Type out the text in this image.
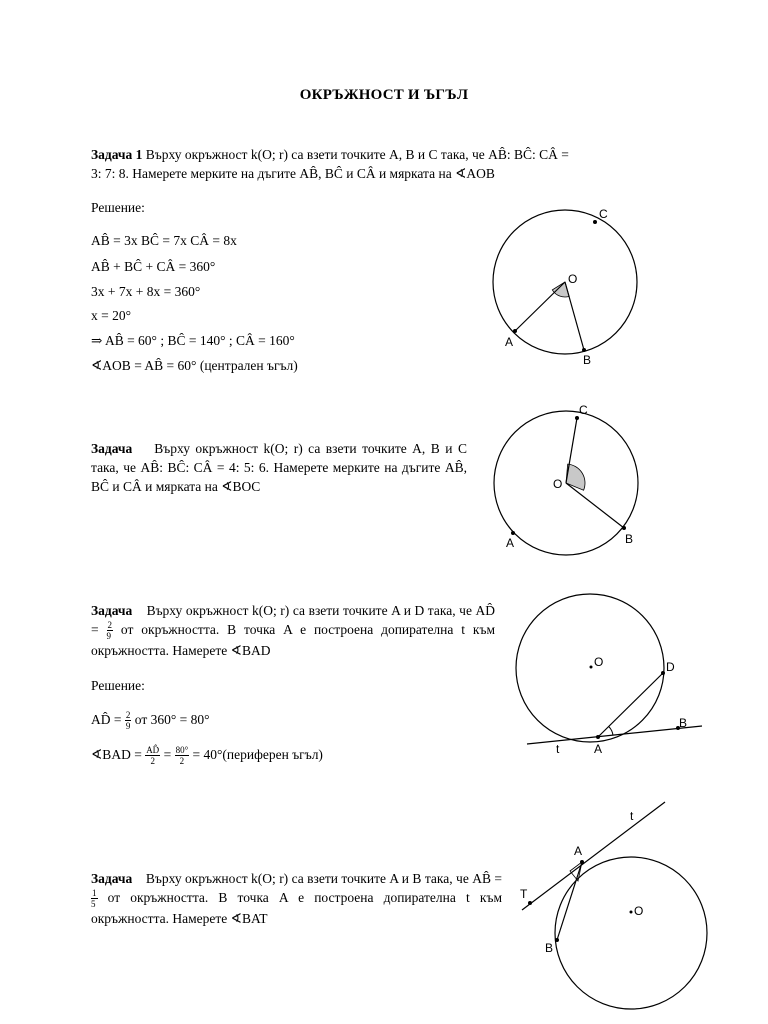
ОКРЪЖНОСТ И ЪГЪЛ
Задача 1 Върху окръжност k(O; r) са взети точките A, B и C така, че AB̂: BĈ: CÂ =
3: 7: 8. Намерете мерките на дъгите AB̂, BĈ и CÂ и мярката на ∢AOB
Решение:
AB̂ = 3x BĈ = 7x CÂ = 8x
AB̂ + BĈ + CÂ = 360°
3x + 7x + 8x = 360°
x = 20°
⇒ AB̂ = 60° ; BĈ = 140° ; CÂ = 160°
∢AOB = AB̂ = 60° (централен ъгъл)
C
O
A
B
Задача Върху окръжност k(O; r) са взети точките A, B и C така, че AB̂: BĈ: CÂ = 4: 5: 6. Намерете мерките на дъгите AB̂, BĈ и CÂ и мярката на ∢BOC
C
O
A	B
Задача Върху окръжност k(O; r) са взети точките A и D така, че AD̂ = $\frac{2}{9}$ от окръжността. В точка A е построена допирателна t към окръжността. Намерете ∢BAD
Решение:
AD̂ = $\frac{2}{9}$ от 360° = 80°
∢BAD = $\frac{AD̂}{2} = \frac{80^\circ}{2}$ = 40°(периферен ъгъл)
O	D
B
t	A
Задача Върху окръжност k(O; r) са взети точките A и B така, че AB̂ =
$\frac{1}{5}$ от окръжността. В точка A е построена допирателна t към окръжността. Намерете ∢BAT
t
A
T
O
B
